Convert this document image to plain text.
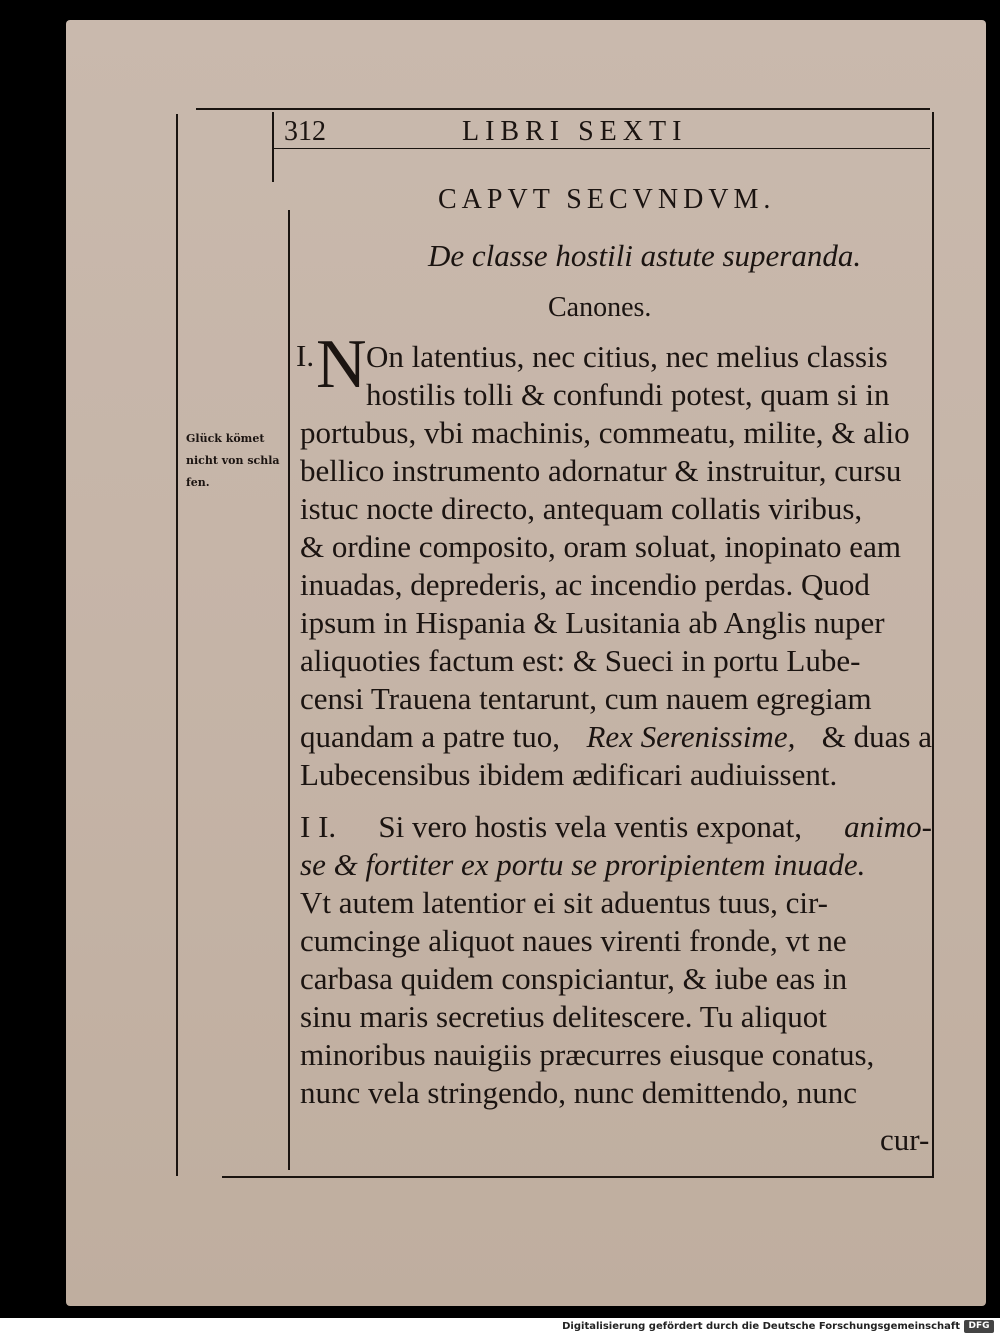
312	LIBRI SEXTI
CAPVT SECVNDVM.
De classe hostili astute superanda.
Canones.
Glück kömet
nicht von schla
fen.
I. N On latentius, nec citius, nec melius classis
hostilis tolli & confundi potest, quam si in
portubus, vbi machinis, commeatu, milite, & alio
bellico instrumento adornatur & instruitur, cursu
istuc nocte directo, antequam collatis viribus,
& ordine composito, oram soluat, inopinato eam
inuadas, deprederis, ac incendio perdas. Quod
ipsum in Hispania & Lusitania ab Anglis nuper
aliquoties factum est: & Sueci in portu Lube-
censi Trauena tentarunt, cum nauem egregiam
quandam a patre tuo, Rex Serenissime, & duas a
Lubecensibus ibidem ædificari audiuissent.
I I. Si vero hostis vela ventis exponat, animo-
se & fortiter ex portu se proripientem inuade.
Vt autem latentior ei sit aduentus tuus, cir-
cumcinge aliquot naues virenti fronde, vt ne
carbasa quidem conspiciantur, & iube eas in
sinu maris secretius delitescere. Tu aliquot
minoribus nauigiis præcurres eiusque conatus,
nunc vela stringendo, nunc demittendo, nunc
cur-
Digitalisierung gefördert durch die Deutsche Forschungsgemeinschaft DFG
